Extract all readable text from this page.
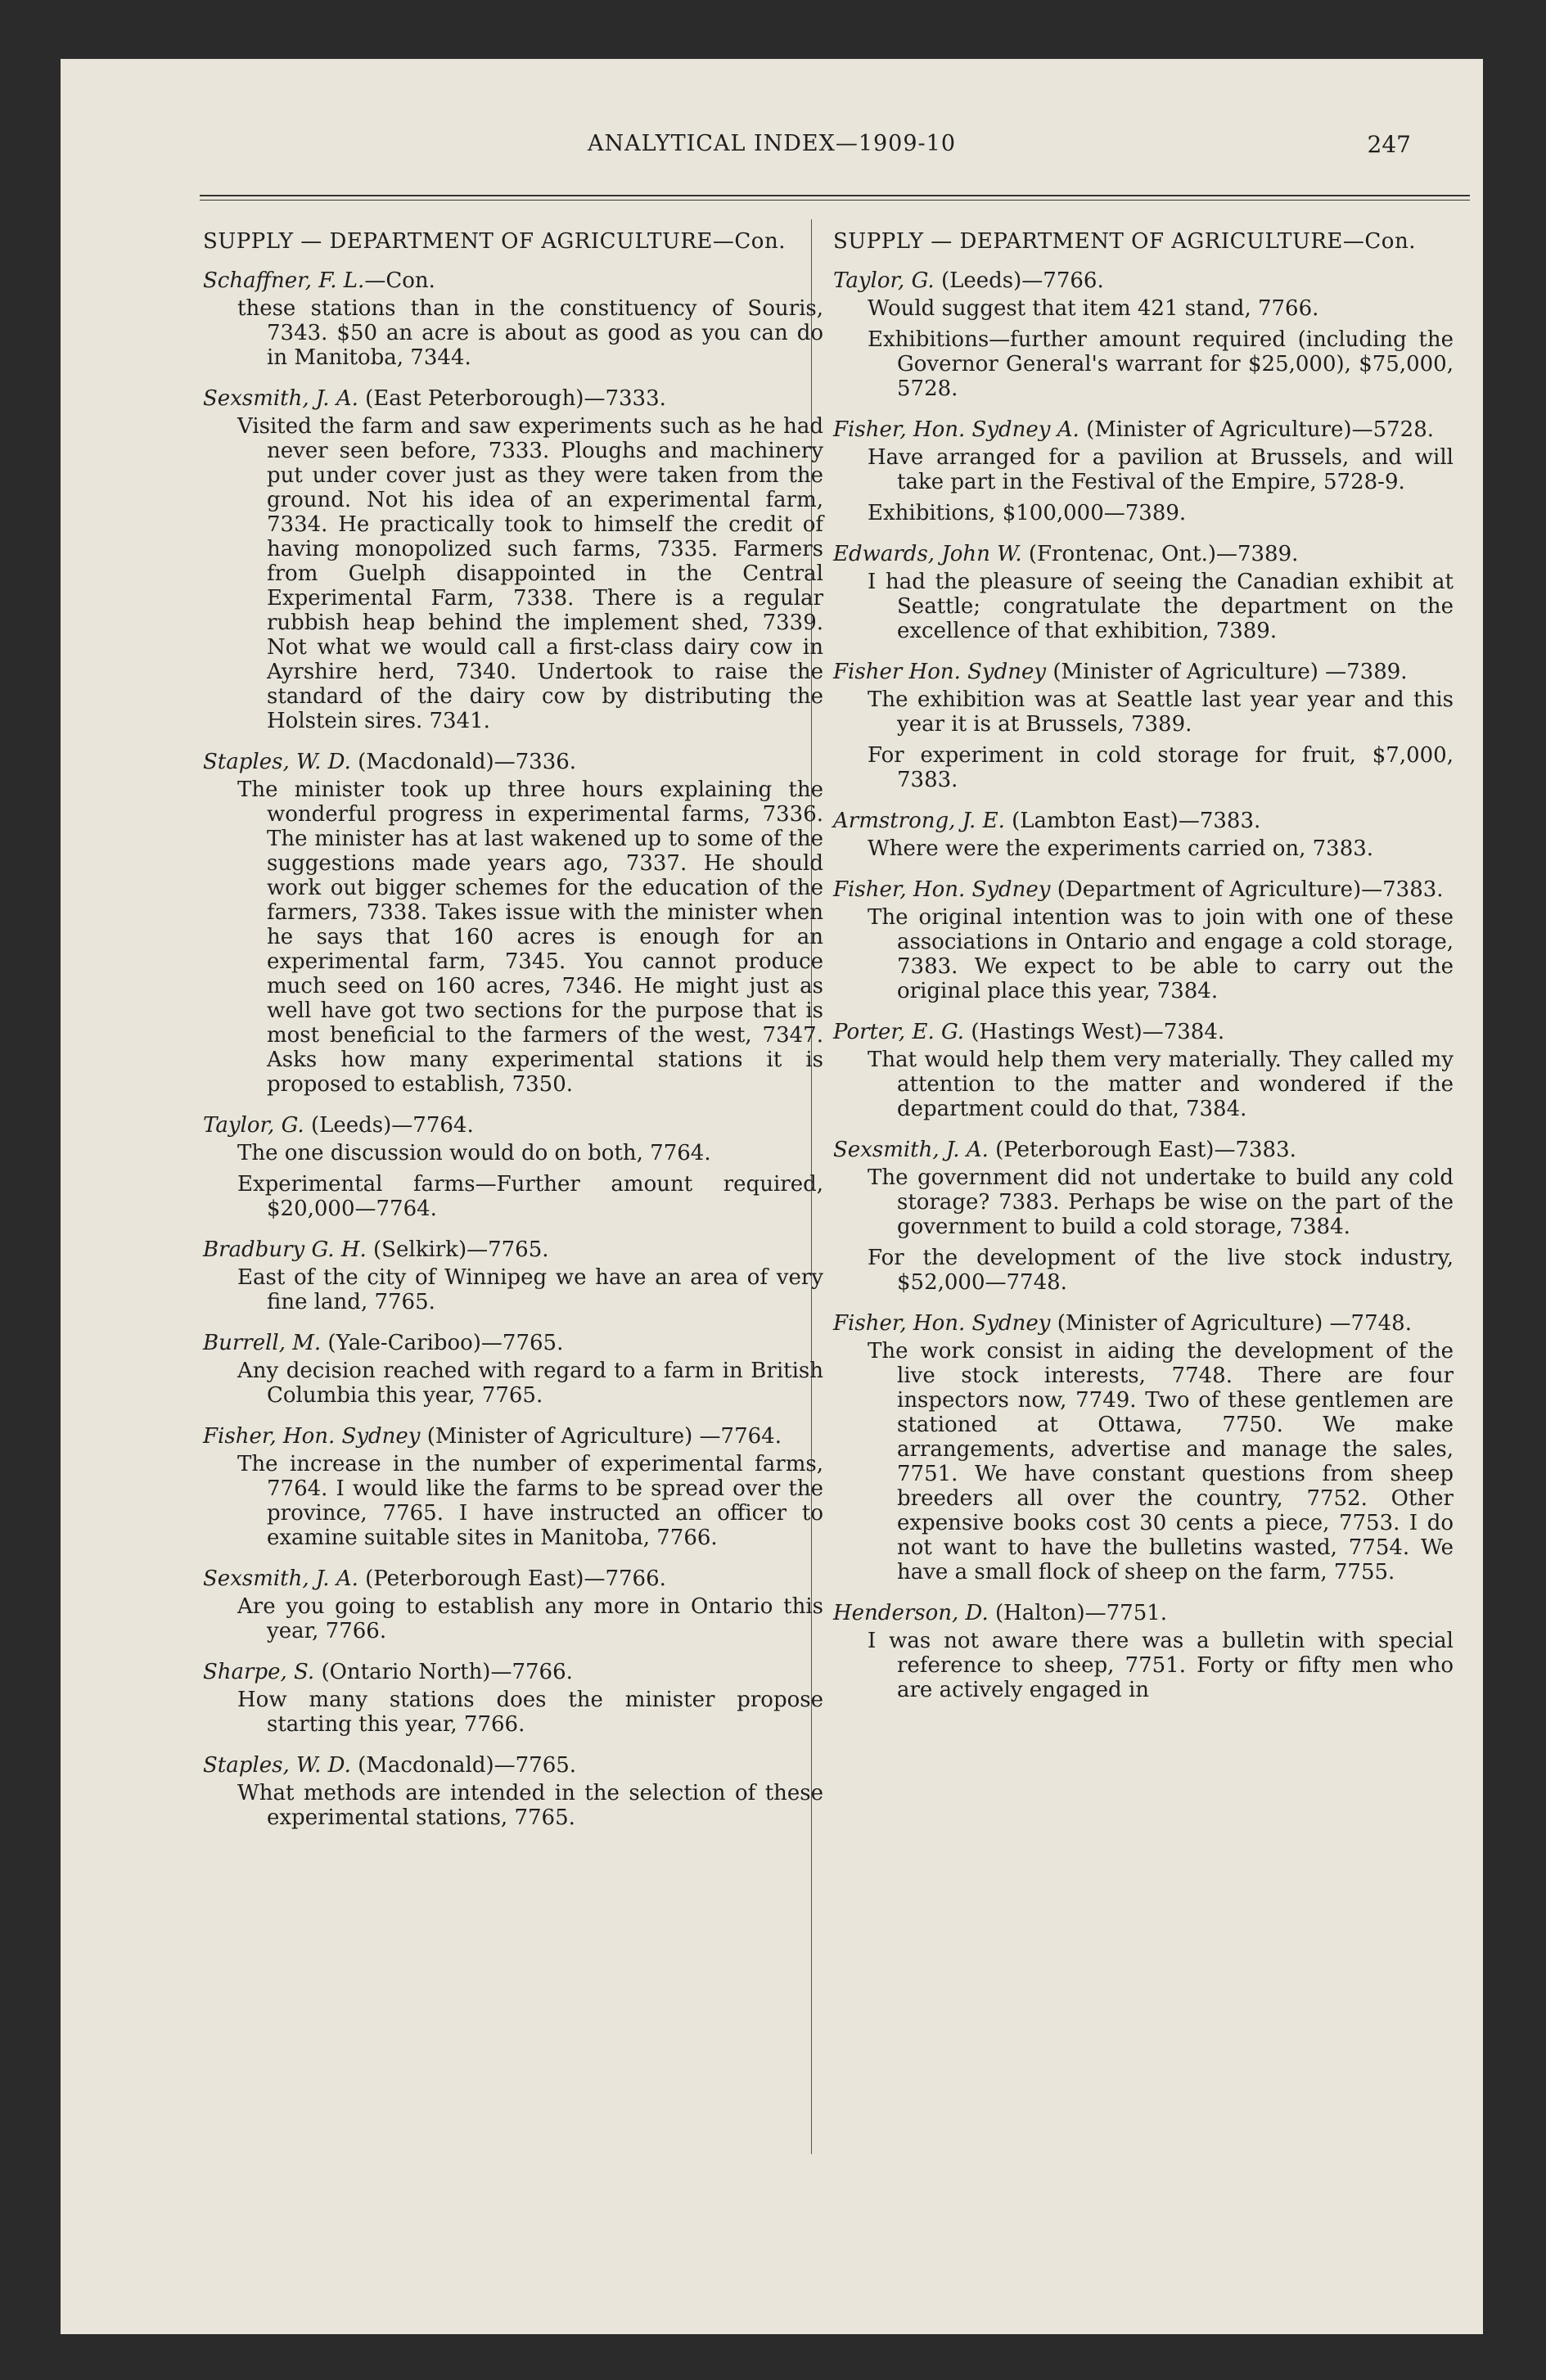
ANALYTICAL INDEX—1909-10	247

SUPPLY — DEPARTMENT OF AGRICULTURE—Con.

Schaffner, F. L.—Con.

these stations than in the constituency of Souris, 7343. $50 an acre is about as good as you can do in Manitoba, 7344.

Sexsmith, J. A. (East Peterborough)—7333.

Visited the farm and saw experiments such as he had never seen before, 7333. Ploughs and machinery put under cover just as they were taken from the ground. Not his idea of an experimental farm, 7334. He practically took to himself the credit of having monopolized such farms, 7335. Farmers from Guelph disappointed in the Central Experimental Farm, 7338. There is a regular rubbish heap behind the implement shed, 7339. Not what we would call a first-class dairy cow in Ayrshire herd, 7340. Undertook to raise the standard of the dairy cow by distributing the Holstein sires. 7341.

Staples, W. D. (Macdonald)—7336.

The minister took up three hours explaining the wonderful progress in experimental farms, 7336. The minister has at last wakened up to some of the suggestions made years ago, 7337. He should work out bigger schemes for the education of the farmers, 7338. Takes issue with the minister when he says that 160 acres is enough for an experimental farm, 7345. You cannot produce much seed on 160 acres, 7346. He might just as well have got two sections for the purpose that is most beneficial to the farmers of the west, 7347. Asks how many experimental stations it is proposed to establish, 7350.

Taylor, G. (Leeds)—7764.

The one discussion would do on both, 7764.

Experimental farms—Further amount required, $20,000—7764.

Bradbury G. H. (Selkirk)—7765.

East of the city of Winnipeg we have an area of very fine land, 7765.

Burrell, M. (Yale-Cariboo)—7765.

Any decision reached with regard to a farm in British Columbia this year, 7765.

Fisher, Hon. Sydney (Minister of Agriculture) —7764.

The increase in the number of experimental farms, 7764. I would like the farms to be spread over the province, 7765. I have instructed an officer to examine suitable sites in Manitoba, 7766.

Sexsmith, J. A. (Peterborough East)—7766.

Are you going to establish any more in Ontario this year, 7766.

Sharpe, S. (Ontario North)—7766.

How many stations does the minister propose starting this year, 7766.

Staples, W. D. (Macdonald)—7765.

What methods are intended in the selection of these experimental stations, 7765.

SUPPLY — DEPARTMENT OF AGRICULTURE—Con.

Taylor, G. (Leeds)—7766.

Would suggest that item 421 stand, 7766.

Exhibitions—further amount required (including the Governor General's warrant for $25,000), $75,000, 5728.

Fisher, Hon. Sydney A. (Minister of Agriculture)—5728.

Have arranged for a pavilion at Brussels, and will take part in the Festival of the Empire, 5728-9.

Exhibitions, $100,000—7389.

Edwards, John W. (Frontenac, Ont.)—7389.

I had the pleasure of seeing the Canadian exhibit at Seattle; congratulate the department on the excellence of that exhibition, 7389.

Fisher Hon. Sydney (Minister of Agriculture) —7389.

The exhibition was at Seattle last year year and this year it is at Brussels, 7389.

For experiment in cold storage for fruit, $7,000, 7383.

Armstrong, J. E. (Lambton East)—7383.

Where were the experiments carried on, 7383.

Fisher, Hon. Sydney (Department of Agriculture)—7383.

The original intention was to join with one of these associations in Ontario and engage a cold storage, 7383. We expect to be able to carry out the original place this year, 7384.

Porter, E. G. (Hastings West)—7384.

That would help them very materially. They called my attention to the matter and wondered if the department could do that, 7384.

Sexsmith, J. A. (Peterborough East)—7383.

The government did not undertake to build any cold storage? 7383. Perhaps be wise on the part of the government to build a cold storage, 7384.

For the development of the live stock industry, $52,000—7748.

Fisher, Hon. Sydney (Minister of Agriculture) —7748.

The work consist in aiding the development of the live stock interests, 7748. There are four inspectors now, 7749. Two of these gentlemen are stationed at Ottawa, 7750. We make arrangements, advertise and manage the sales, 7751. We have constant questions from sheep breeders all over the country, 7752. Other expensive books cost 30 cents a piece, 7753. I do not want to have the bulletins wasted, 7754. We have a small flock of sheep on the farm, 7755.

Henderson, D. (Halton)—7751.

I was not aware there was a bulletin with special reference to sheep, 7751. Forty or fifty men who are actively engaged in
